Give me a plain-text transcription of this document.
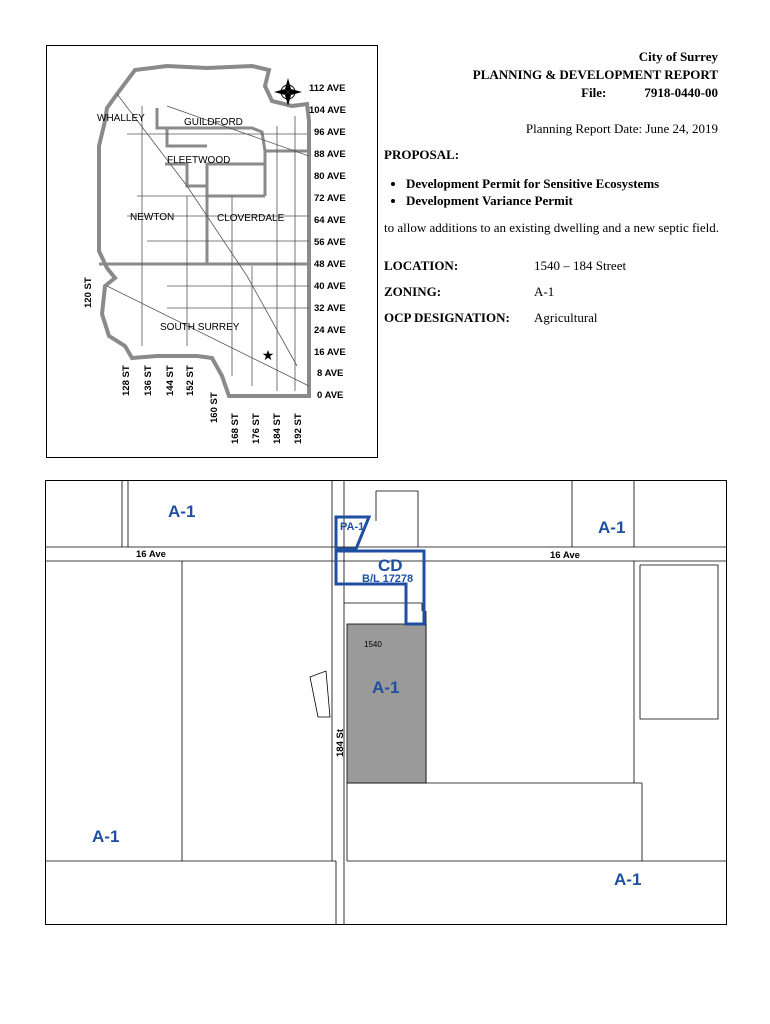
★
WHALLEY	GUILDFORD
FLEETWOOD
NEWTON	CLOVERDALE
SOUTH SURREY
112 AVE
104 AVE
96 AVE
88 AVE
80 AVE
72 AVE
64 AVE
56 AVE
48 AVE
40 AVE
32 AVE
24 AVE
16 AVE
8 AVE
0 AVE
120 ST
128 ST 136 ST 144 ST 152 ST
160 ST
168 ST 176 ST 184 ST 192 ST
City of Surrey
PLANNING & DEVELOPMENT REPORT
File:	7918-0440-00
Planning Report Date: June 24, 2019
PROPOSAL:
• Development Permit for Sensitive Ecosystems
• Development Variance Permit
to allow additions to an existing dwelling and a new septic field.
LOCATION:	1540 – 184 Street
ZONING:	A-1
OCP DESIGNATION:	Agricultural
A-1
PA-1	A-1
CD
B/L 17278
A-1
A-1
A-1
1540
16 Ave	16 Ave
184 St
